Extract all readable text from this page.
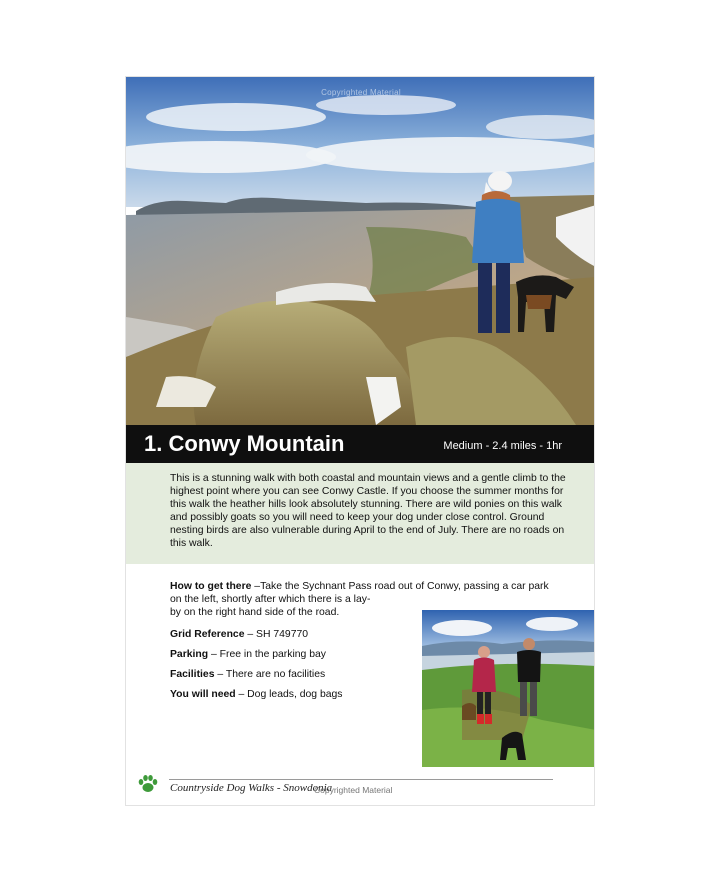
Copyrighted Material
1. Conwy Mountain	Medium - 2.4 miles - 1hr
This is a stunning walk with both coastal and mountain views and a gentle climb to the highest point where you can see Conwy Castle. If you choose the summer months for this walk the heather hills look absolutely stunning. There are wild ponies on this walk and possibly goats so you will need to keep your dog under close control. Ground nesting birds are also vulnerable during April to the end of July. There are no roads on this walk.
How to get there –Take the Sychnant Pass road out of Conwy, passing a car park on the left, shortly after which there is a lay-
by on the right hand side of the road.
Grid Reference – SH 749770
Parking – Free in the parking bay
Facilities – There are no facilities
You will need – Dog leads, dog bags
Countryside Dog Walks - Snowdonia
Copyrighted Material
